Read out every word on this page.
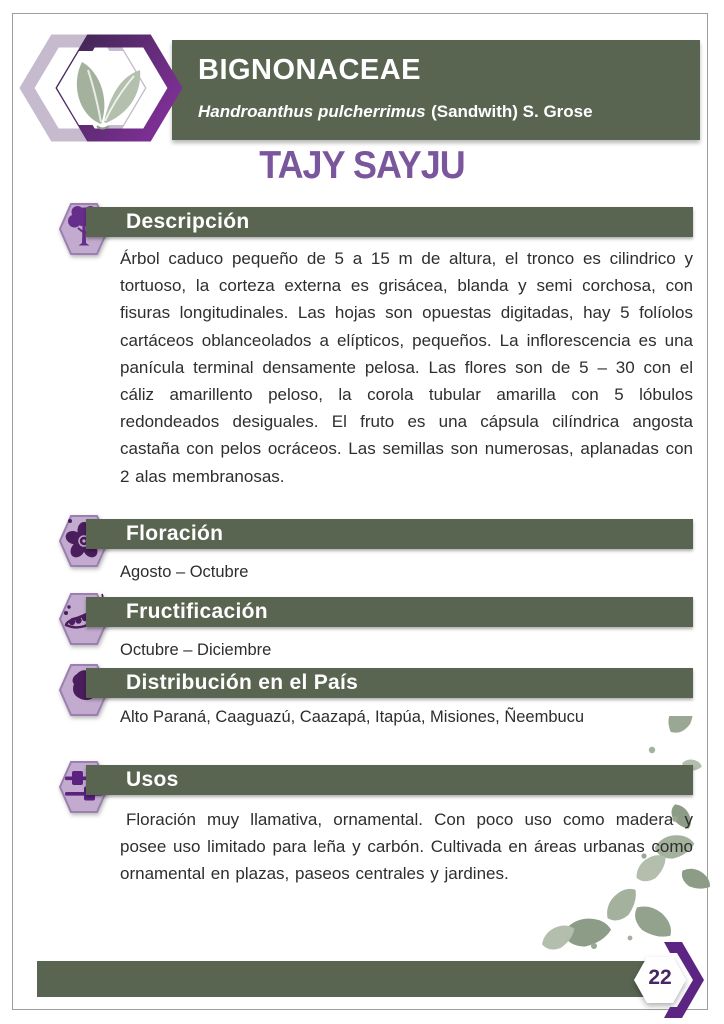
BIGNONACEAE
Handroanthus pulcherrimus (Sandwith) S. Grose
TAJY SAYJU
Descripción
Árbol caduco pequeño de 5 a 15 m de altura, el tronco es cilindrico y tortuoso, la corteza externa es grisácea, blanda y semi corchosa, con fisuras longitudinales. Las hojas son opuestas digitadas, hay 5 folíolos cartáceos oblanceolados a elípticos, pequeños. La inflorescencia es una panícula terminal densamente pelosa. Las flores son de 5 – 30 con el cáliz amarillento peloso, la corola tubular amarilla con 5 lóbulos redondeados desiguales. El fruto es una cápsula cilíndrica angosta castaña con pelos ocráceos. Las semillas son numerosas, aplanadas con 2 alas membranosas.
Floración
Agosto – Octubre
Fructificación
Octubre – Diciembre
Distribución en el País
Alto Paraná, Caaguazú, Caazapá, Itapúa, Misiones, Ñeembucu
Usos
Floración muy llamativa, ornamental. Con poco uso como madera y posee uso limitado para leña y carbón. Cultivada en áreas urbanas como ornamental en plazas, paseos centrales y jardines.
22
